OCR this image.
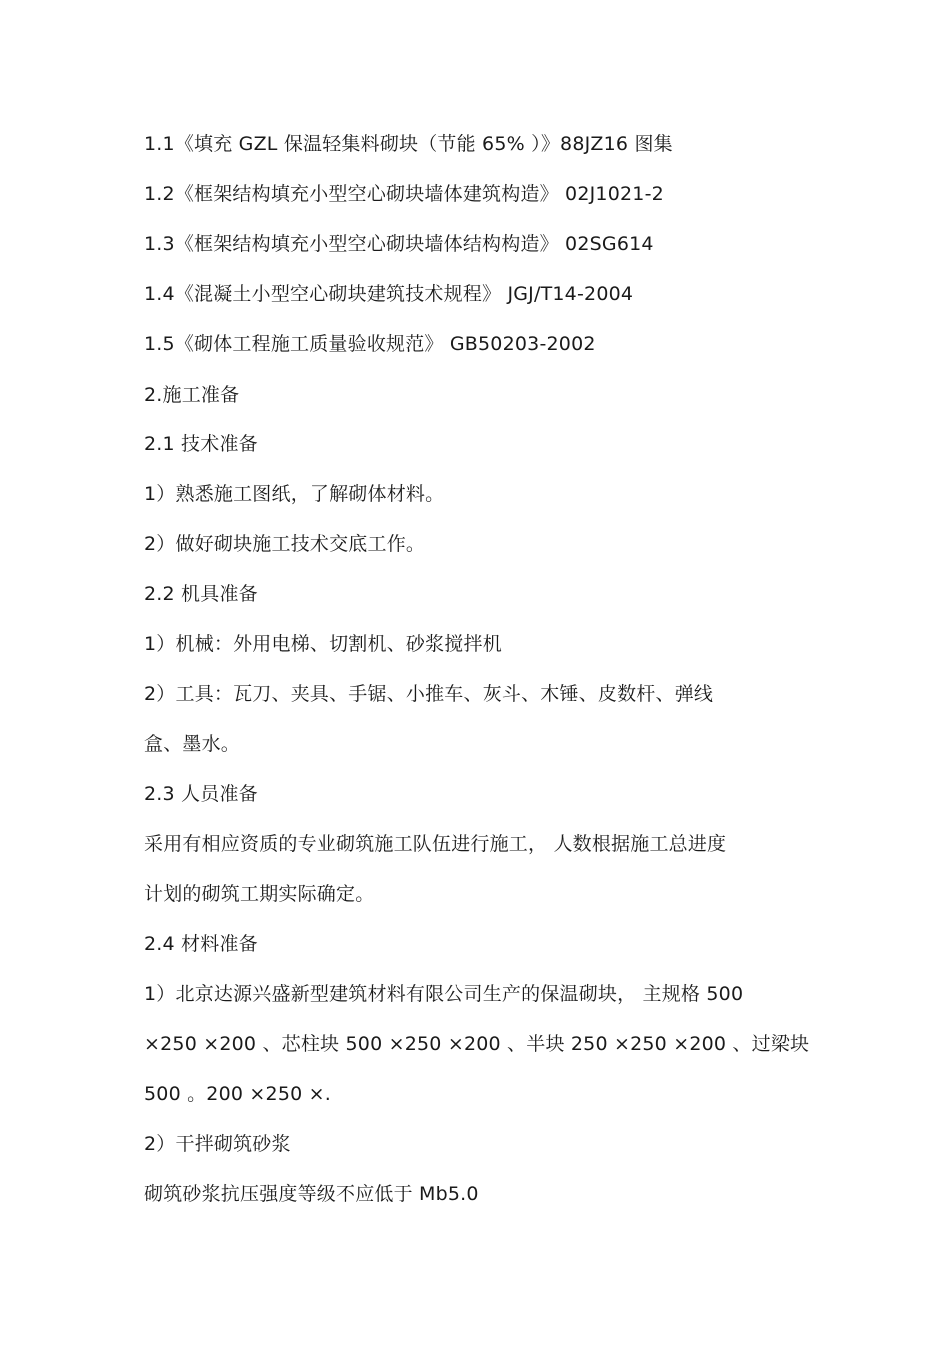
1.1《填充 GZL 保温轻集料砌块（节能 65% ）》88JZ16 图集
1.2《框架结构填充小型空心砌块墙体建筑构造》 02J1021-2
1.3《框架结构填充小型空心砌块墙体结构构造》 02SG614
1.4《混凝土小型空心砌块建筑技术规程》 JGJ/T14-2004
1.5《砌体工程施工质量验收规范》 GB50203-2002
2.施工准备
2.1 技术准备
1）熟悉施工图纸，了解砌体材料。
2）做好砌块施工技术交底工作。
2.2 机具准备
1）机械：外用电梯、切割机、砂浆搅拌机
2）工具：瓦刀、夹具、手锯、小推车、灰斗、木锤、皮数杆、弹线
盒、墨水。
2.3 人员准备
采用有相应资质的专业砌筑施工队伍进行施工， 人数根据施工总进度
计划的砌筑工期实际确定。
2.4 材料准备
1）北京达源兴盛新型建筑材料有限公司生产的保温砌块， 主规格 500
×250 ×200 、芯柱块 500 ×250 ×200 、半块 250 ×250 ×200 、过梁块
500 。200 ×250 ×.
2）干拌砌筑砂浆
砌筑砂浆抗压强度等级不应低于 Mb5.0
